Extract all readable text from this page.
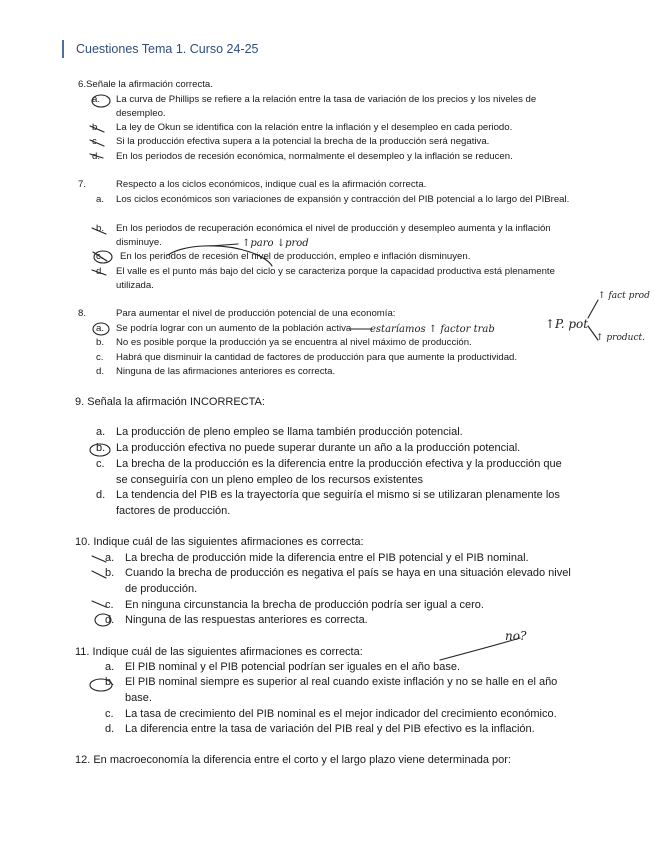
Cuestiones Tema 1. Curso 24-25
6.Señale la afirmación correcta.
a.	La curva de Phillips se refiere a la relación entre la tasa de variación de los precios y los niveles de desempleo.
b.	La ley de Okun se identifica con la relación entre la inflación y el desempleo en cada periodo.
c.	Si la producción efectiva supera a la potencial la brecha de la producción será negativa.
d.	En los periodos de recesión económica, normalmente el desempleo y la inflación se reducen.
7.	Respecto a los ciclos económicos, indique cual es la afirmación correcta.
a.	Los ciclos económicos son variaciones de expansión y contracción del PIB potencial a lo largo del PIBreal.
b.	En los periodos de recuperación económica el nivel de producción y desempleo aumenta y la inflación disminuye.
c.	En los periodos de recesión el nivel de producción, empleo e inflación disminuyen.
d.	El valle es el punto más bajo del ciclo y se caracteriza porque la capacidad productiva está plenamente utilizada.
8.	Para aumentar el nivel de producción potencial de una economía:
a.	Se podría lograr con un aumento de la población activa
b.	No es posible porque la producción ya se encuentra al nivel máximo de producción.
c.	Habrá que disminuir la cantidad de factores de producción para que aumente la productividad.
d.	Ninguna de las afirmaciones anteriores es correcta.
9. Señala la afirmación INCORRECTA:
a. La producción de pleno empleo se llama también producción potencial.
b. La producción efectiva no puede superar durante un año a la producción potencial.
c.	La brecha de la producción es la diferencia entre la producción efectiva y la producción que se conseguiría con un pleno empleo de los recursos existentes
d. La tendencia del PIB es la trayectoría que seguiría el mismo si se utilizaran plenamente los factores de producción.
10. Indique cuál de las siguientes afirmaciones es correcta:
a. La brecha de producción mide la diferencia entre el PIB potencial y el PIB nominal.
b. Cuando la brecha de producción es negativa el país se haya en una situación elevado nivel de producción.
c.	En ninguna circunstancia la brecha de producción podría ser igual a cero.
d. Ninguna de las respuestas anteriores es correcta.
11. Indique cuál de las siguientes afirmaciones es correcta:
a. El PIB nominal y el PIB potencial podrían ser iguales en el año base.
b. El PIB nominal siempre es superior al real cuando existe inflación y no se halle en el año base.
c.	La tasa de crecimiento del PIB nominal es el mejor indicador del crecimiento económico.
d. La diferencia entre la tasa de variación del PIB real y del PIB efectivo es la inflación.
12. En macroeconomía la diferencia entre el corto y el largo plazo viene determinada por:
↑paro ↓prod
estaríamos ↑ factor trab	↑P. pot
↑ fact prod
↑ product.
no?
